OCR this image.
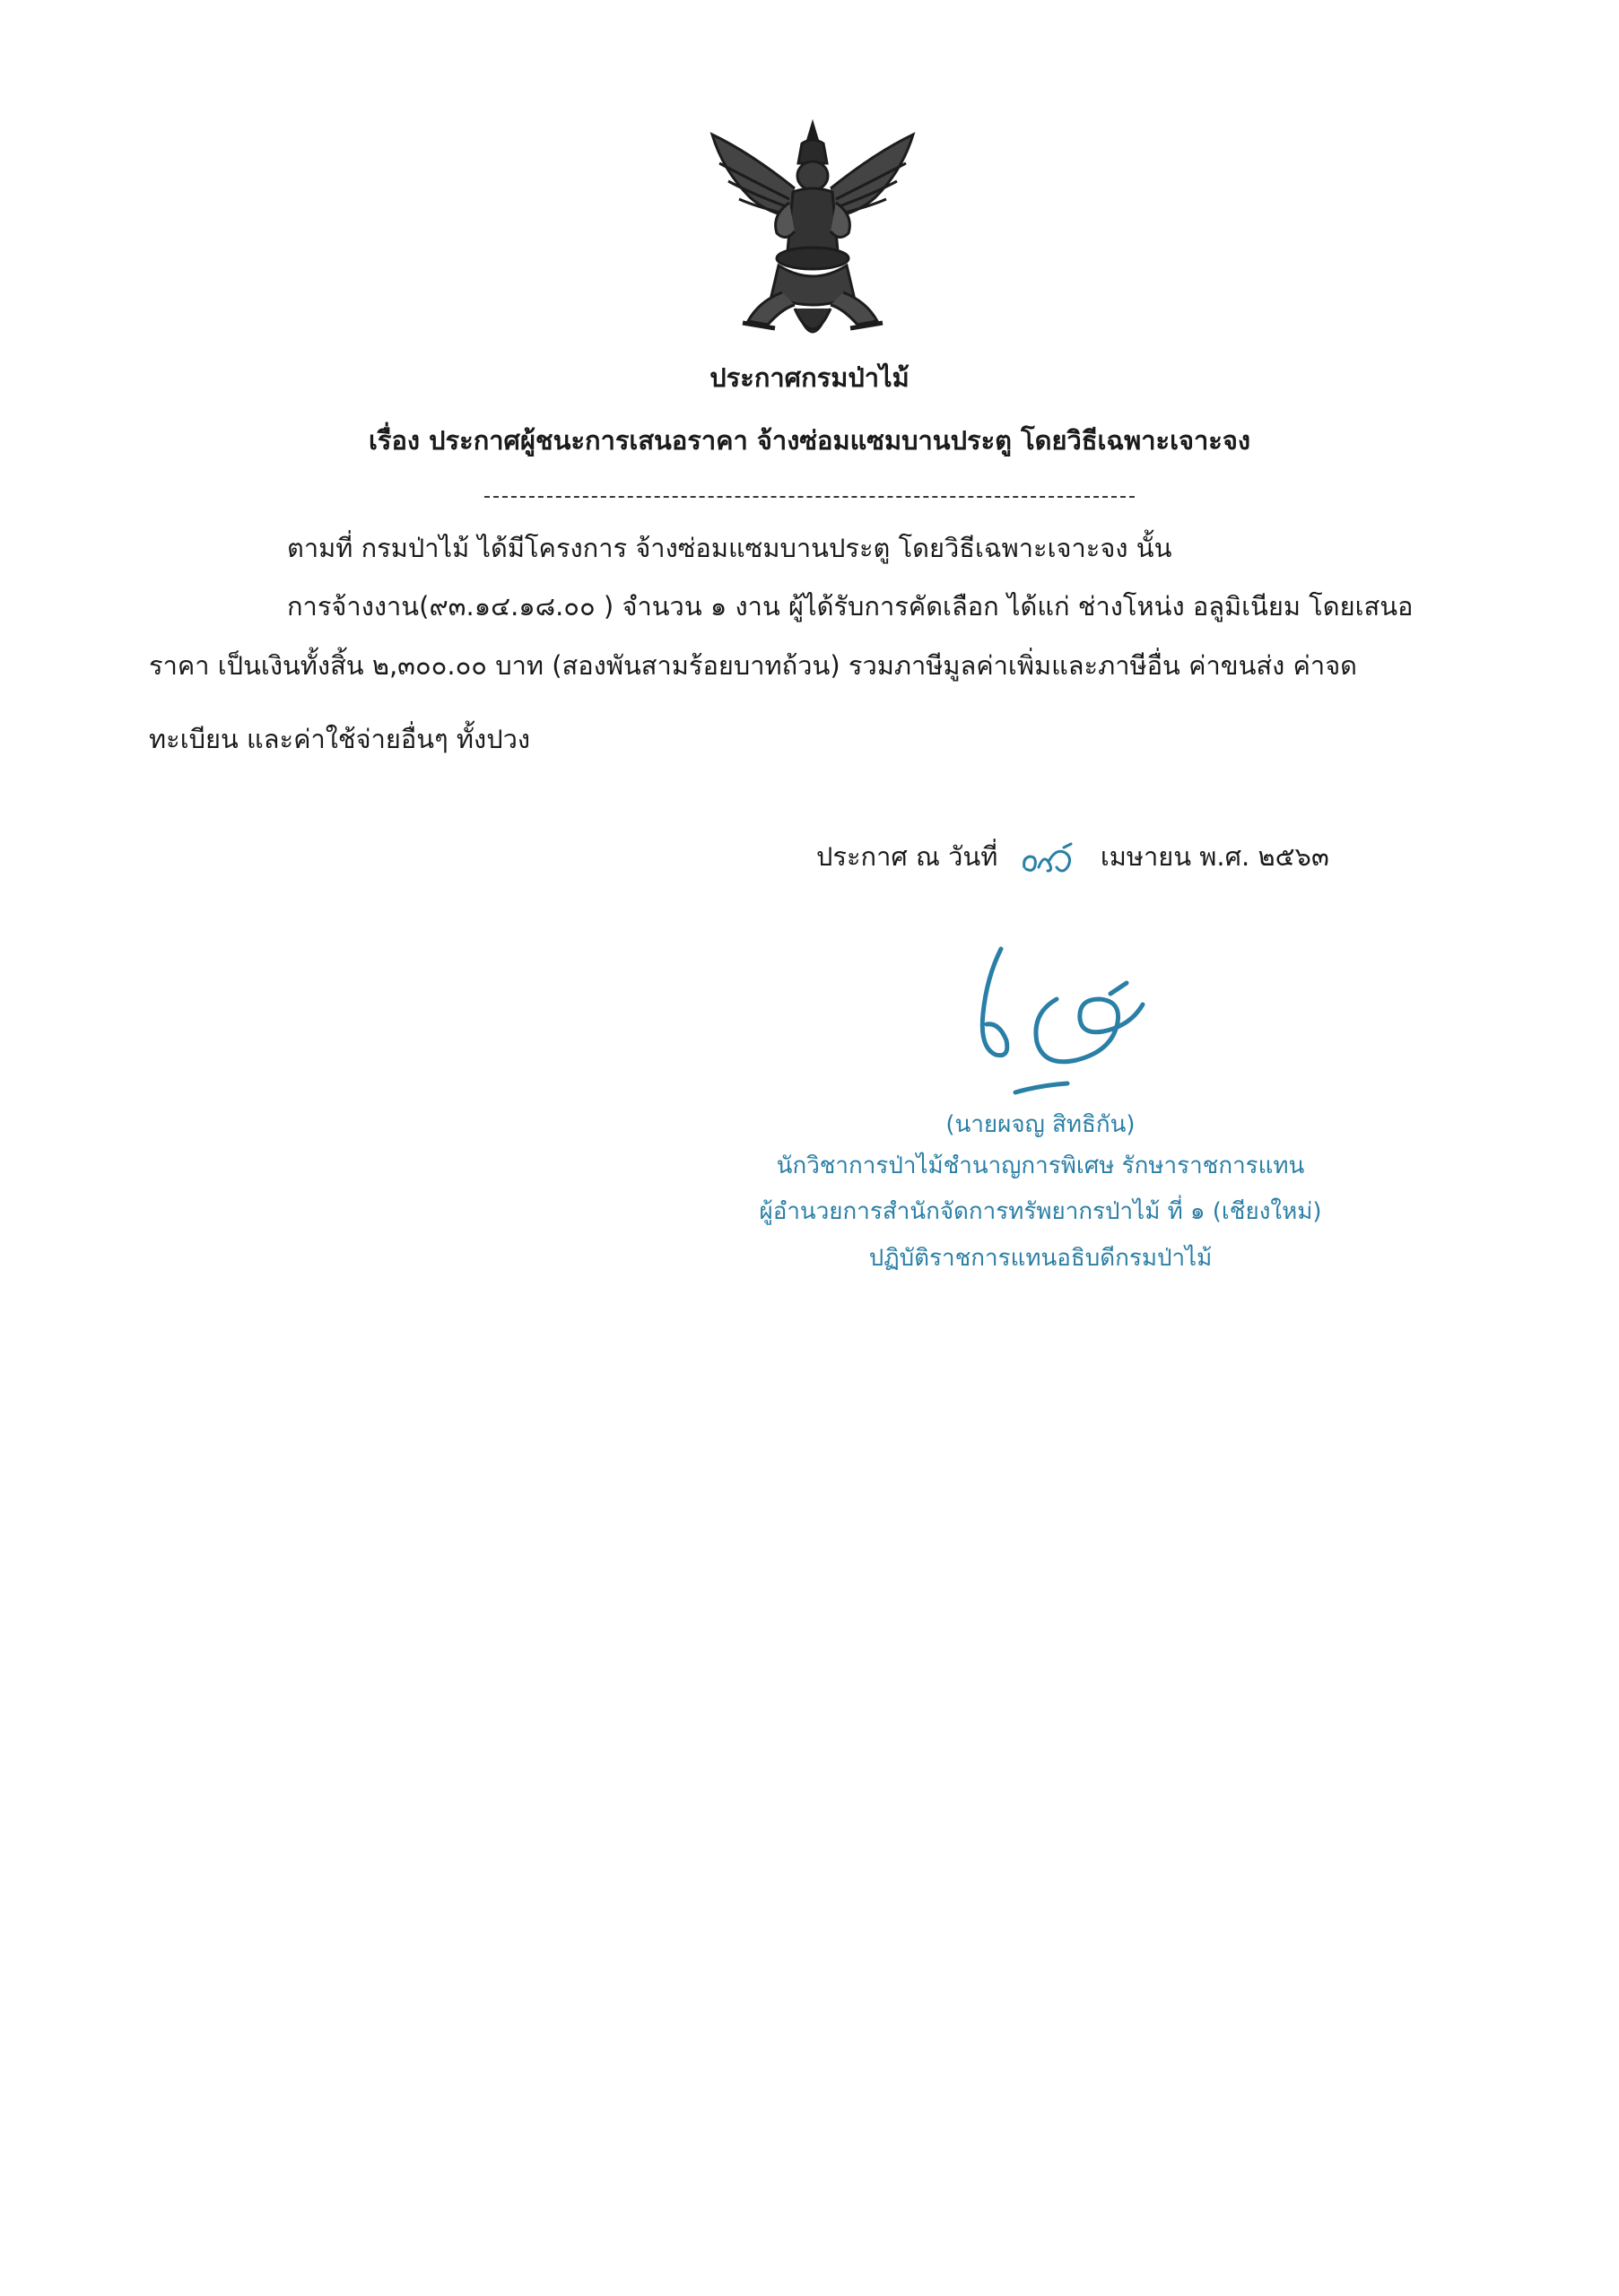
ประกาศกรมป่าไม้
เรื่อง ประกาศผู้ชนะการเสนอราคา จ้างซ่อมแซมบานประตู โดยวิธีเฉพาะเจาะจง
ตามที่ กรมป่าไม้ ได้มีโครงการ จ้างซ่อมแซมบานประตู โดยวิธีเฉพาะเจาะจง นั้น
การจ้างงาน(๙๓.๑๔.๑๘.๐๐ ) จำนวน ๑ งาน ผู้ได้รับการคัดเลือก ได้แก่ ช่างโหน่ง อลูมิเนียม โดยเสนอ
ราคา เป็นเงินทั้งสิ้น ๒,๓๐๐.๐๐ บาท (สองพันสามร้อยบาทถ้วน) รวมภาษีมูลค่าเพิ่มและภาษีอื่น ค่าขนส่ง ค่าจด
ทะเบียน และค่าใช้จ่ายอื่นๆ ทั้งปวง
ประกาศ ณ วันที่	เมษายน พ.ศ. ๒๕๖๓
(นายผจญ สิทธิกัน)
นักวิชาการป่าไม้ชำนาญการพิเศษ รักษาราชการแทน
ผู้อำนวยการสำนักจัดการทรัพยากรป่าไม้ ที่ ๑ (เชียงใหม่)
ปฏิบัติราชการแทนอธิบดีกรมป่าไม้
